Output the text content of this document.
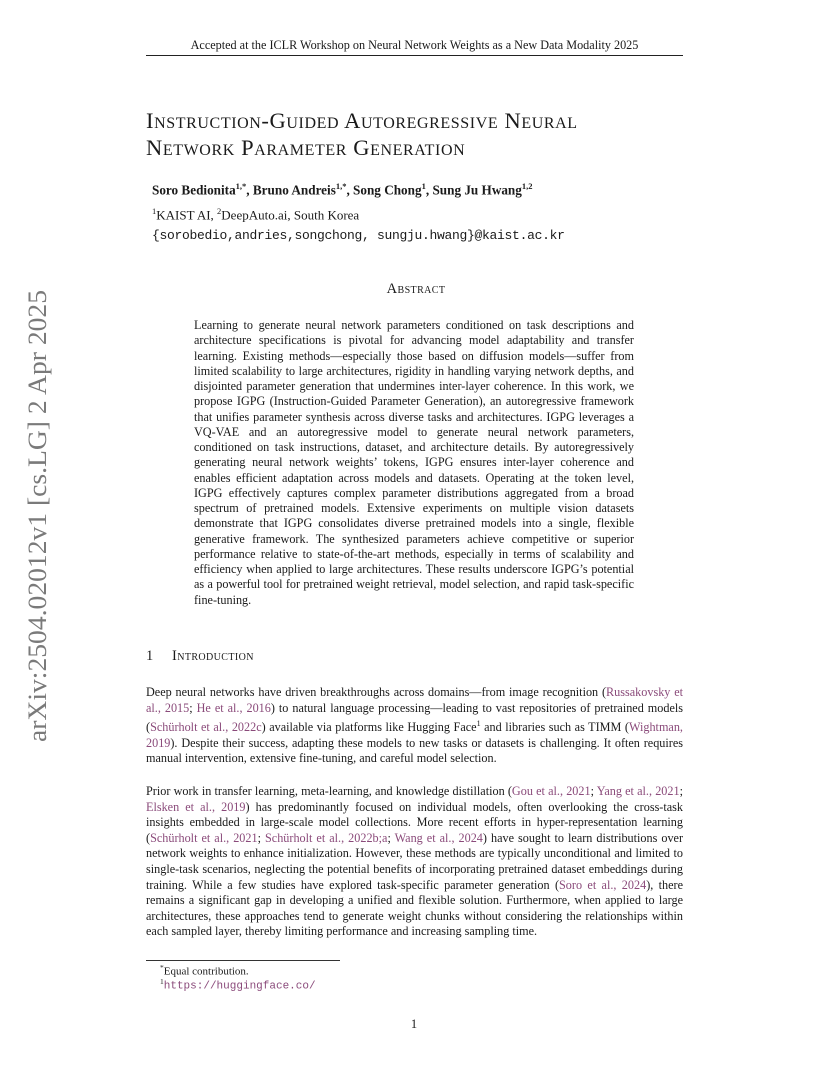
Accepted at the ICLR Workshop on Neural Network Weights as a New Data Modality 2025
arXiv:2504.02012v1 [cs.LG] 2 Apr 2025
Instruction-Guided Autoregressive Neural
Network Parameter Generation
Soro Bedionita$^{1,*}$, Bruno Andreis$^{1,*}$, Song Chong$^1$, Sung Ju Hwang$^{1,2}$
$^1$KAIST AI, $^2$DeepAuto.ai, South Korea
{sorobedio,andries,songchong, sungju.hwang}@kaist.ac.kr
Abstract
Learning to generate neural network parameters conditioned on task descriptions and architecture specifications is pivotal for advancing model adaptability and transfer learning. Existing methods—especially those based on diffusion models—suffer from limited scalability to large architectures, rigidity in handling varying network depths, and disjointed parameter generation that undermines inter-layer coherence. In this work, we propose IGPG (Instruction-Guided Parameter Generation), an autoregressive framework that unifies parameter synthesis across diverse tasks and architectures. IGPG leverages a VQ-VAE and an autoregressive model to generate neural network parameters, conditioned on task instructions, dataset, and architecture details. By autoregressively generating neural network weights’ tokens, IGPG ensures inter-layer coherence and enables efficient adaptation across models and datasets. Operating at the token level, IGPG effectively captures complex parameter distributions aggregated from a broad spectrum of pretrained models. Extensive experiments on multiple vision datasets demonstrate that IGPG consolidates diverse pretrained models into a single, flexible generative framework. The synthesized parameters achieve competitive or superior performance relative to state-of-the-art methods, especially in terms of scalability and efficiency when applied to large architectures. These results underscore IGPG’s potential as a powerful tool for pretrained weight retrieval, model selection, and rapid task-specific fine-tuning.
1 Introduction
Deep neural networks have driven breakthroughs across domains—from image recognition (Russakovsky et al., 2015; He et al., 2016) to natural language processing—leading to vast repositories of pretrained models (Schürholt et al., 2022c) available via platforms like Hugging Face$^1$ and libraries such as TIMM (Wightman, 2019). Despite their success, adapting these models to new tasks or datasets is challenging. It often requires manual intervention, extensive fine-tuning, and careful model selection.
Prior work in transfer learning, meta-learning, and knowledge distillation (Gou et al., 2021; Yang et al., 2021; Elsken et al., 2019) has predominantly focused on individual models, often overlooking the cross-task insights embedded in large-scale model collections. More recent efforts in hyper-representation learning (Schürholt et al., 2021; Schürholt et al., 2022b;a; Wang et al., 2024) have sought to learn distributions over network weights to enhance initialization. However, these methods are typically unconditional and limited to single-task scenarios, neglecting the potential benefits of incorporating pretrained dataset embeddings during training. While a few studies have explored task-specific parameter generation (Soro et al., 2024), there remains a significant gap in developing a unified and flexible solution. Furthermore, when applied to large architectures, these approaches tend to generate weight chunks without considering the relationships within each sampled layer, thereby limiting performance and increasing sampling time.
*Equal contribution.
$^1$https://huggingface.co/
1
